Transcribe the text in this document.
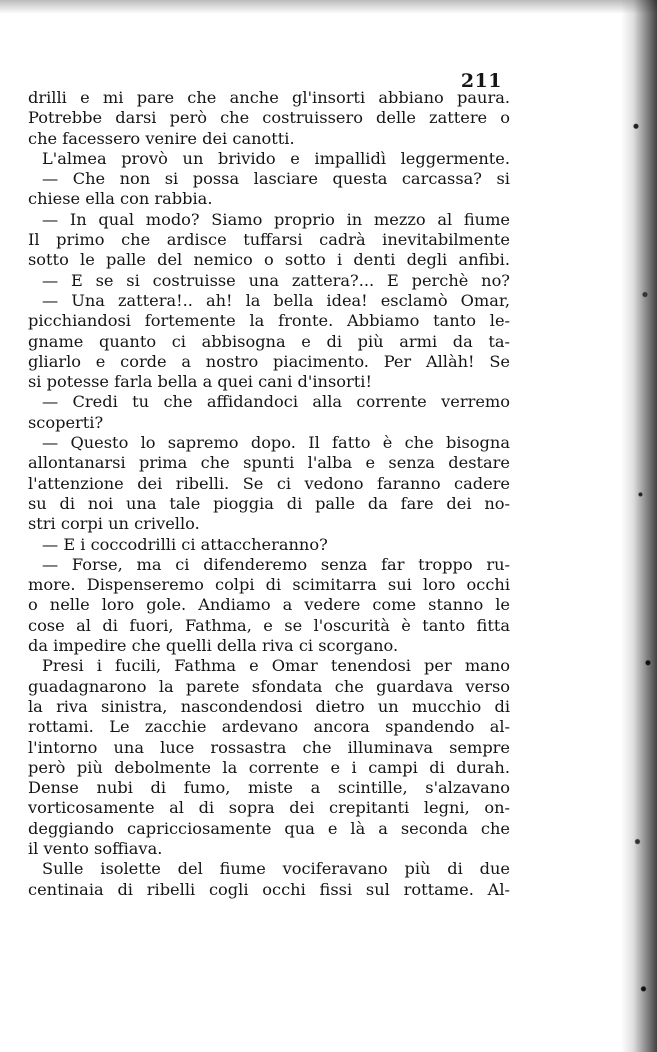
211
drilli e mi pare che anche gl'insorti abbiano paura.
Potrebbe darsi però che costruissero delle zattere o
che facessero venire dei canotti.
L'almea provò un brivido e impallidì leggermente.
— Che non si possa lasciare questa carcassa? si
chiese ella con rabbia.
— In qual modo? Siamo proprio in mezzo al fiume
Il primo che ardisce tuffarsi cadrà inevitabilmente
sotto le palle del nemico o sotto i denti degli anfibi.
— E se si costruisse una zattera?... E perchè no?
— Una zattera!.. ah! la bella idea! esclamò Omar,
picchiandosi fortemente la fronte. Abbiamo tanto le-
gname quanto ci abbisogna e di più armi da ta-
gliarlo e corde a nostro piacimento. Per Allàh! Se
si potesse farla bella a quei cani d'insorti!
— Credi tu che affidandoci alla corrente verremo
scoperti?
— Questo lo sapremo dopo. Il fatto è che bisogna
allontanarsi prima che spunti l'alba e senza destare
l'attenzione dei ribelli. Se ci vedono faranno cadere
su di noi una tale pioggia di palle da fare dei no-
stri corpi un crivello.
— E i coccodrilli ci attaccheranno?
— Forse, ma ci difenderemo senza far troppo ru-
more. Dispenseremo colpi di scimitarra sui loro occhi
o nelle loro gole. Andiamo a vedere come stanno le
cose al di fuori, Fathma, e se l'oscurità è tanto fitta
da impedire che quelli della riva ci scorgano.
Presi i fucili, Fathma e Omar tenendosi per mano
guadagnarono la parete sfondata che guardava verso
la riva sinistra, nascondendosi dietro un mucchio di
rottami. Le zacchie ardevano ancora spandendo al-
l'intorno una luce rossastra che illuminava sempre
però più debolmente la corrente e i campi di durah.
Dense nubi di fumo, miste a scintille, s'alzavano
vorticosamente al di sopra dei crepitanti legni, on-
deggiando capricciosamente qua e là a seconda che
il vento soffiava.
Sulle isolette del fiume vociferavano più di due
centinaia di ribelli cogli occhi fissi sul rottame. Al-
